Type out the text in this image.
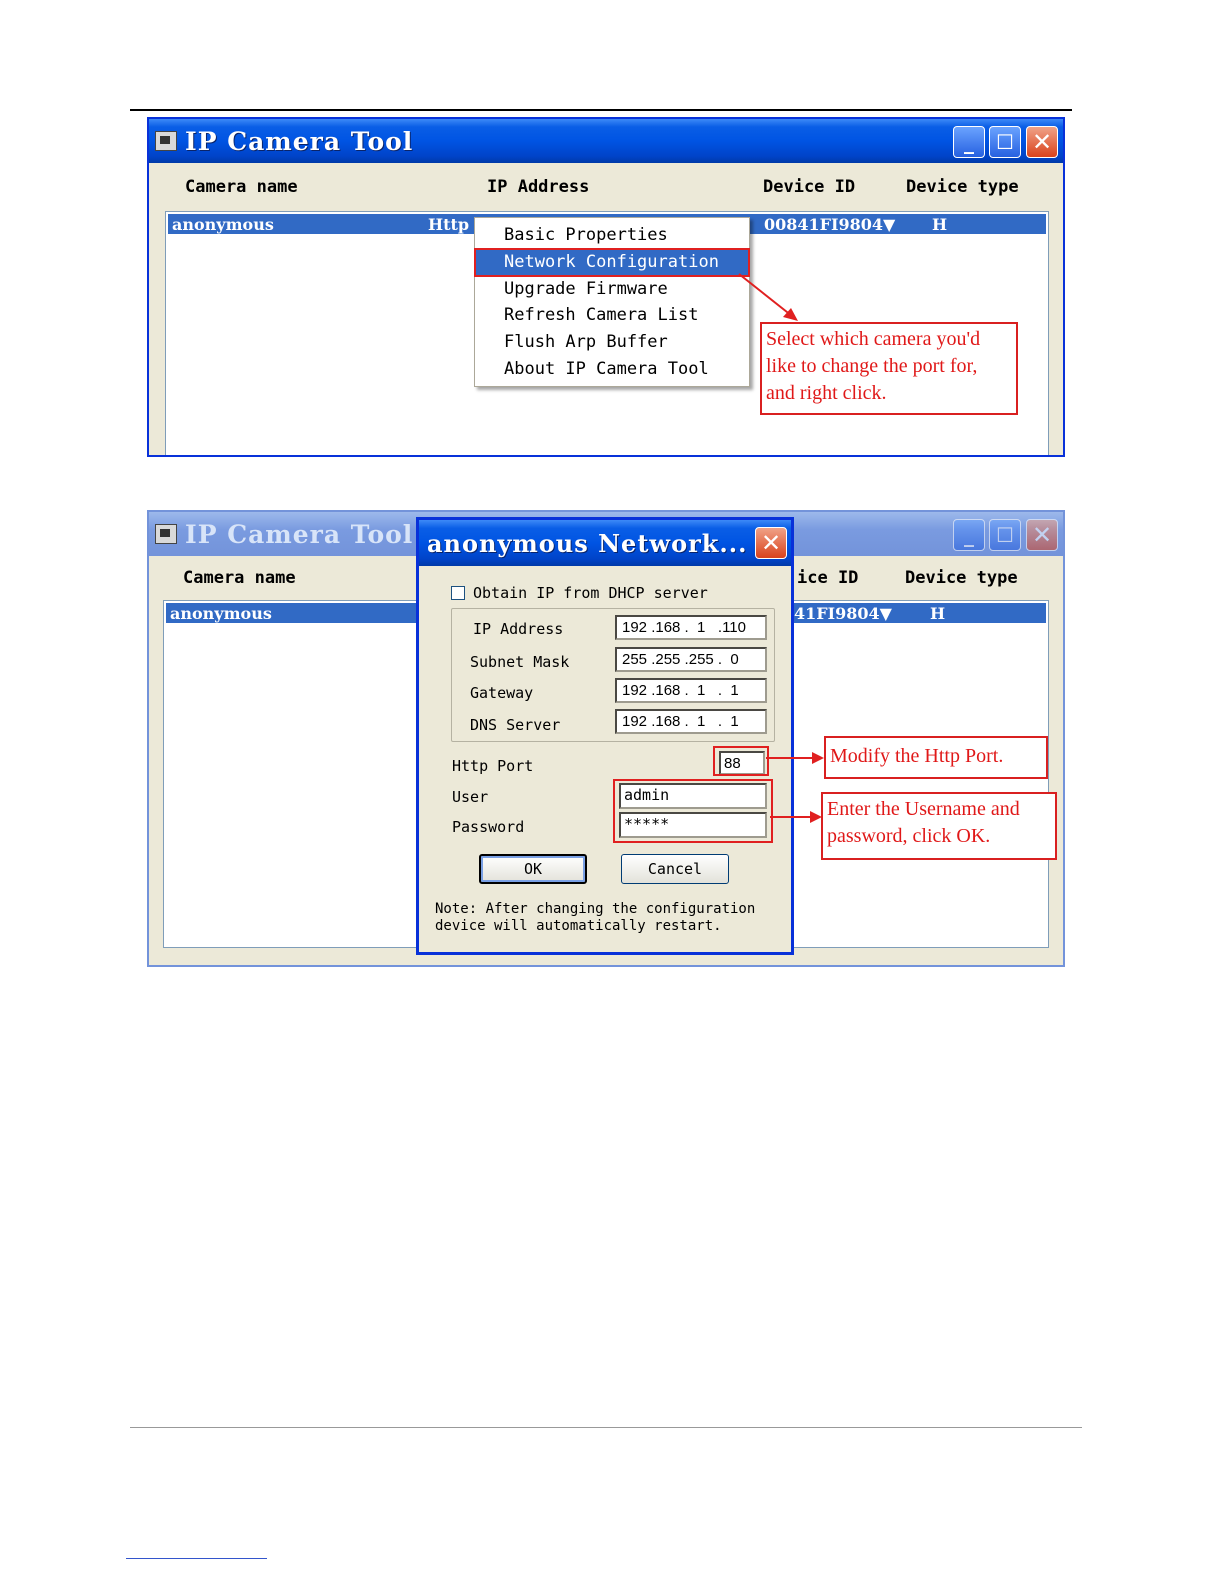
IP Camera Tool	_ ☐ ✕
Camera name	IP Address	Device ID	Device type
anonymous	Http	00841FI9804▼ H
Basic Properties
Network Configuration
Upgrade Firmware
Refresh Camera List
Flush Arp Buffer
About IP Camera Tool
Select which camera you'd
like to change the port for,
and right click.
IP Camera Tool	_ ☐ ✕
Camera name	ice ID	Device type
anonymous	41FI9804▼ H
anonymous Network... ✕
Obtain IP from DHCP server
IP Address	192 .168 .  1   .110
Subnet Mask	255 .255 .255 .  0
Gateway	192 .168 .  1   .  1
DNS Server	192 .168 .  1   .  1
Http Port	88
User	admin
Password	*****
OK	Cancel
Note: After changing the configuration
device will automatically restart.
Modify the Http Port.
Enter the Username and
password, click OK.
